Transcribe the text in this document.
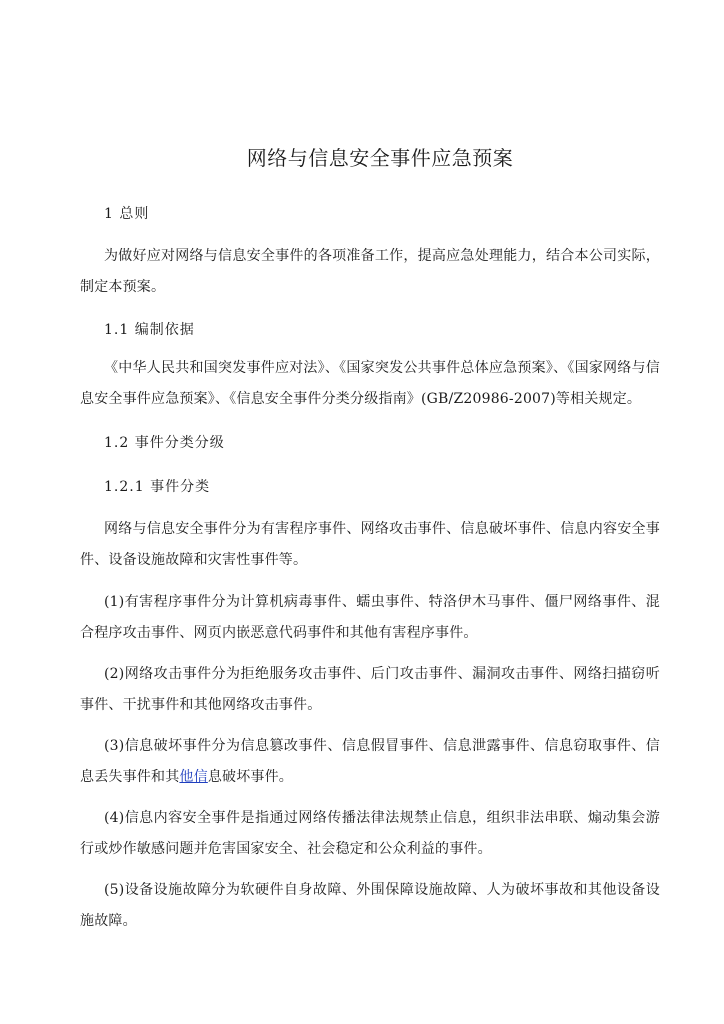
网络与信息安全事件应急预案
1 总则
为做好应对网络与信息安全事件的各项准备工作，提高应急处理能力，结合本公司实际，制定本预案。
1.1 编制依据
《中华人民共和国突发事件应对法》、《国家突发公共事件总体应急预案》、《国家网络与信息安全事件应急预案》、《信息安全事件分类分级指南》(GB/Z20986-2007)等相关规定。
1.2 事件分类分级
1.2.1 事件分类
网络与信息安全事件分为有害程序事件、网络攻击事件、信息破坏事件、信息内容安全事件、设备设施故障和灾害性事件等。
(1)有害程序事件分为计算机病毒事件、蠕虫事件、特洛伊木马事件、僵尸网络事件、混合程序攻击事件、网页内嵌恶意代码事件和其他有害程序事件。
(2)网络攻击事件分为拒绝服务攻击事件、后门攻击事件、漏洞攻击事件、网络扫描窃听事件、干扰事件和其他网络攻击事件。
(3)信息破坏事件分为信息篡改事件、信息假冒事件、信息泄露事件、信息窃取事件、信息丢失事件和其他信息破坏事件。
(4)信息内容安全事件是指通过网络传播法律法规禁止信息，组织非法串联、煽动集会游行或炒作敏感问题并危害国家安全、社会稳定和公众利益的事件。
(5)设备设施故障分为软硬件自身故障、外围保障设施故障、人为破坏事故和其他设备设施故障。
